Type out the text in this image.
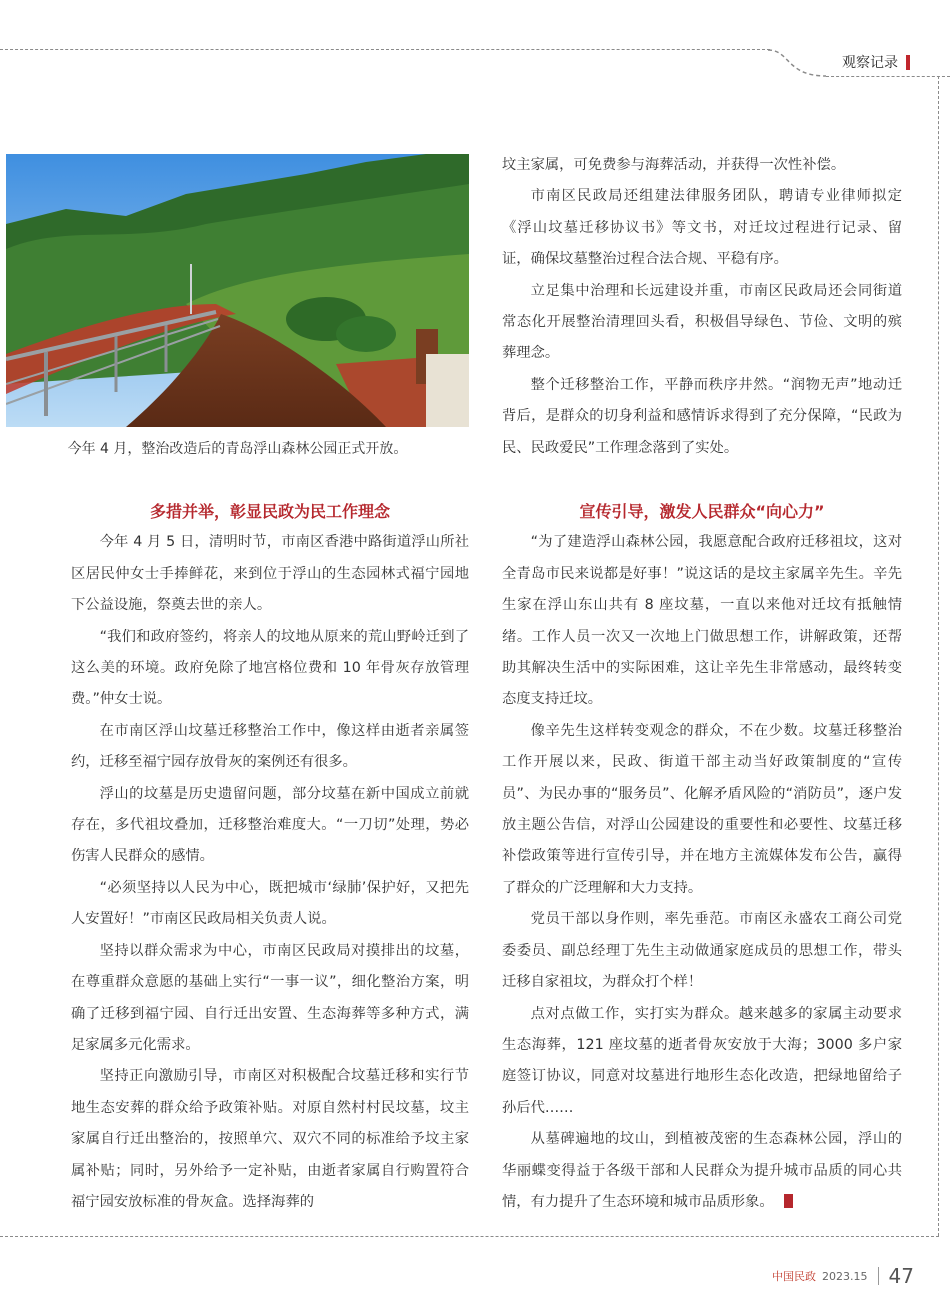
观察记录
今年 4 月，整治改造后的青岛浮山森林公园正式开放。

坟主家属，可免费参与海葬活动，并获得一次性补偿。

市南区民政局还组建法律服务团队，聘请专业律师拟定《浮山坟墓迁移协议书》等文书，对迁坟过程进行记录、留证，确保坟墓整治过程合法合规、平稳有序。

立足集中治理和长远建设并重，市南区民政局还会同街道常态化开展整治清理回头看，积极倡导绿色、节俭、文明的殡葬理念。

整个迁移整治工作，平静而秩序井然。“润物无声”地动迁背后，是群众的切身利益和感情诉求得到了充分保障，“民政为民、民政爱民”工作理念落到了实处。

多措并举，彰显民政为民工作理念

今年 4 月 5 日，清明时节，市南区香港中路街道浮山所社区居民仲女士手捧鲜花，来到位于浮山的生态园林式福宁园地下公益设施，祭奠去世的亲人。

“我们和政府签约，将亲人的坟地从原来的荒山野岭迁到了这么美的环境。政府免除了地宫格位费和 10 年骨灰存放管理费。”仲女士说。

在市南区浮山坟墓迁移整治工作中，像这样由逝者亲属签约，迁移至福宁园存放骨灰的案例还有很多。

浮山的坟墓是历史遗留问题，部分坟墓在新中国成立前就存在，多代祖坟叠加，迁移整治难度大。“一刀切”处理，势必伤害人民群众的感情。

“必须坚持以人民为中心，既把城市‘绿肺’保护好，又把先人安置好！”市南区民政局相关负责人说。

坚持以群众需求为中心，市南区民政局对摸排出的坟墓，在尊重群众意愿的基础上实行“一事一议”，细化整治方案，明确了迁移到福宁园、自行迁出安置、生态海葬等多种方式，满足家属多元化需求。

坚持正向激励引导，市南区对积极配合坟墓迁移和实行节地生态安葬的群众给予政策补贴。对原自然村村民坟墓，坟主家属自行迁出整治的，按照单穴、双穴不同的标准给予坟主家属补贴；同时，另外给予一定补贴，由逝者家属自行购置符合福宁园安放标准的骨灰盒。选择海葬的

宣传引导，激发人民群众“向心力”

“为了建造浮山森林公园，我愿意配合政府迁移祖坟，这对全青岛市民来说都是好事！”说这话的是坟主家属辛先生。辛先生家在浮山东山共有 8 座坟墓，一直以来他对迁坟有抵触情绪。工作人员一次又一次地上门做思想工作，讲解政策，还帮助其解决生活中的实际困难，这让辛先生非常感动，最终转变态度支持迁坟。

像辛先生这样转变观念的群众，不在少数。坟墓迁移整治工作开展以来，民政、街道干部主动当好政策制度的“宣传员”、为民办事的“服务员”、化解矛盾风险的“消防员”，逐户发放主题公告信，对浮山公园建设的重要性和必要性、坟墓迁移补偿政策等进行宣传引导，并在地方主流媒体发布公告，赢得了群众的广泛理解和大力支持。

党员干部以身作则，率先垂范。市南区永盛农工商公司党委委员、副总经理丁先生主动做通家庭成员的思想工作，带头迁移自家祖坟，为群众打个样！

点对点做工作，实打实为群众。越来越多的家属主动要求生态海葬，121 座坟墓的逝者骨灰安放于大海；3000 多户家庭签订协议，同意对坟墓进行地形生态化改造，把绿地留给子孙后代……

从墓碑遍地的坟山，到植被茂密的生态森林公园，浮山的华丽蝶变得益于各级干部和人民群众为提升城市品质的同心共情，有力提升了生态环境和城市品质形象。

中国民政 2023.15 47
